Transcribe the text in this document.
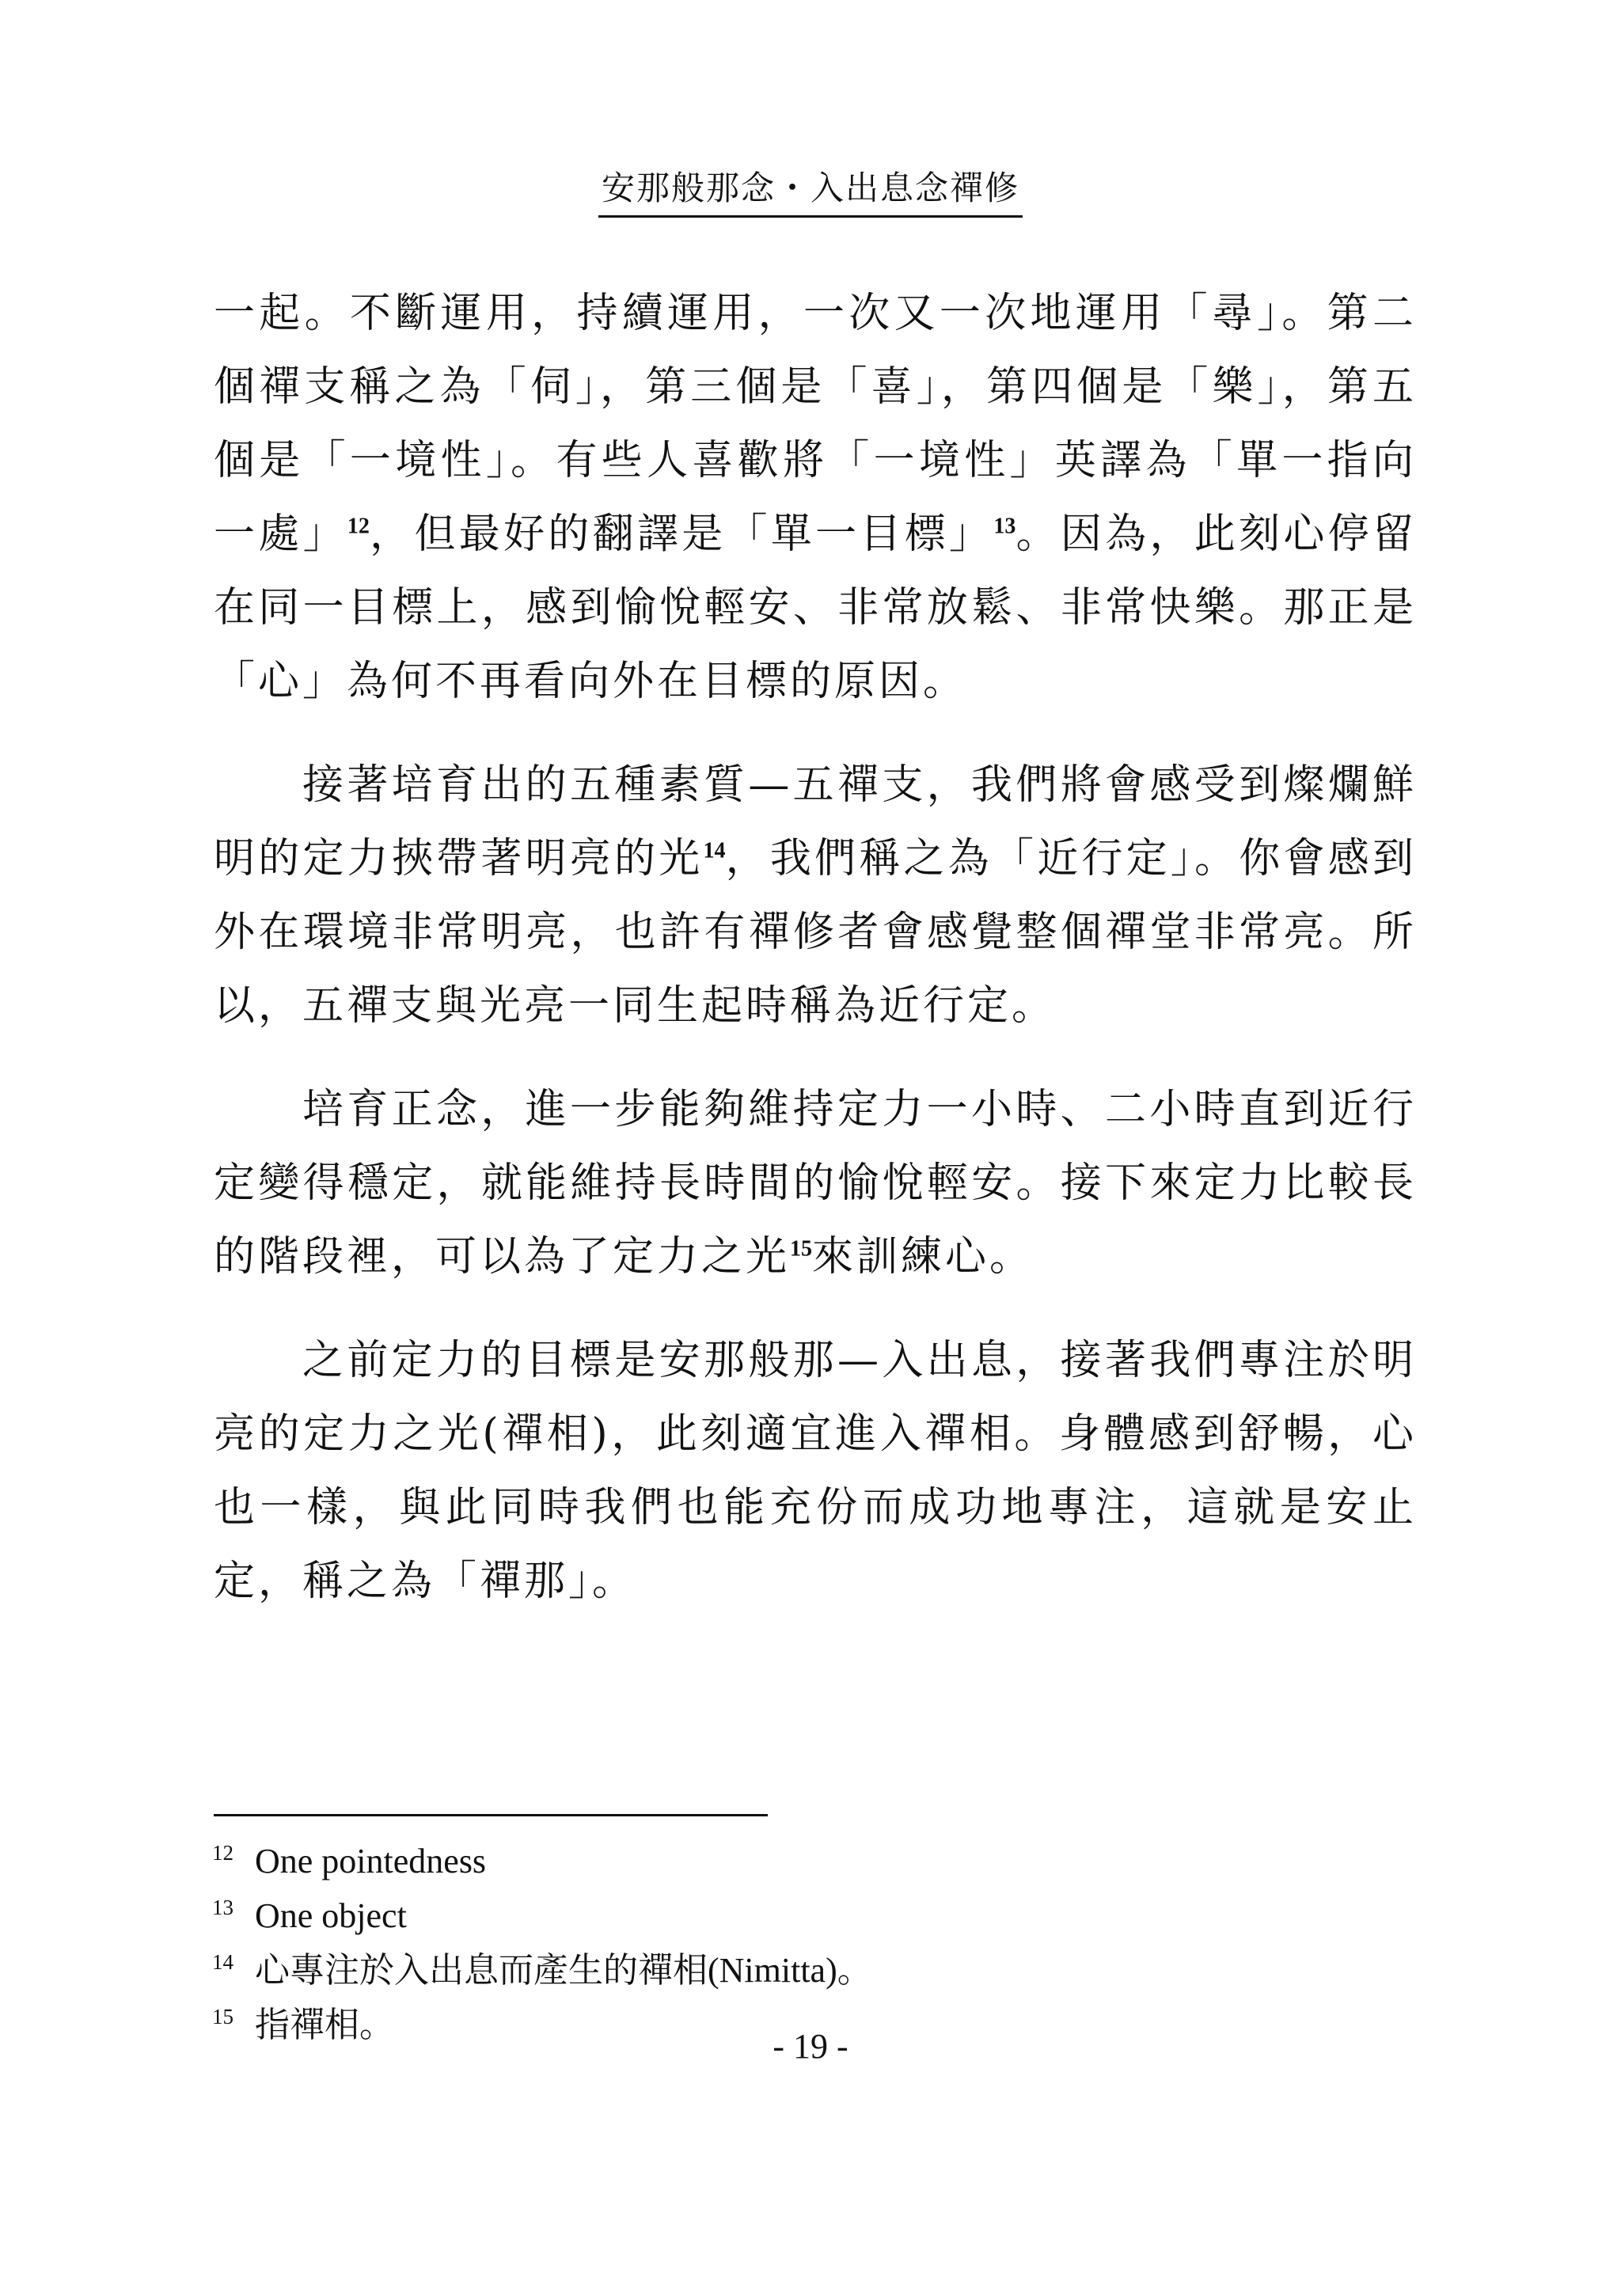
安那般那念・入出息念禪修

一起。不斷運用，持續運用，一次又一次地運用「尋」。第二個禪支稱之為「伺」，第三個是「喜」，第四個是「樂」，第五個是「一境性」。有些人喜歡將「一境性」英譯為「單一指向一處」$^{12}$，但最好的翻譯是「單一目標」$^{13}$。因為，此刻心停留在同一目標上，感到愉悅輕安、非常放鬆、非常快樂。那正是「心」為何不再看向外在目標的原因。

接著培育出的五種素質—五禪支，我們將會感受到燦爛鮮明的定力挾帶著明亮的光$^{14}$，我們稱之為「近行定」。你會感到外在環境非常明亮，也許有禪修者會感覺整個禪堂非常亮。所以，五禪支與光亮一同生起時稱為近行定。

培育正念，進一步能夠維持定力一小時、二小時直到近行定變得穩定，就能維持長時間的愉悅輕安。接下來定力比較長的階段裡，可以為了定力之光$^{15}$來訓練心。

之前定力的目標是安那般那—入出息，接著我們專注於明亮的定力之光(禪相)，此刻適宜進入禪相。身體感到舒暢，心也一樣，與此同時我們也能充份而成功地專注，這就是安止定，稱之為「禪那」。

12 One pointedness
13 One object
14 心專注於入出息而產生的禪相(Nimitta)。
15 指禪相。
- 19 -
